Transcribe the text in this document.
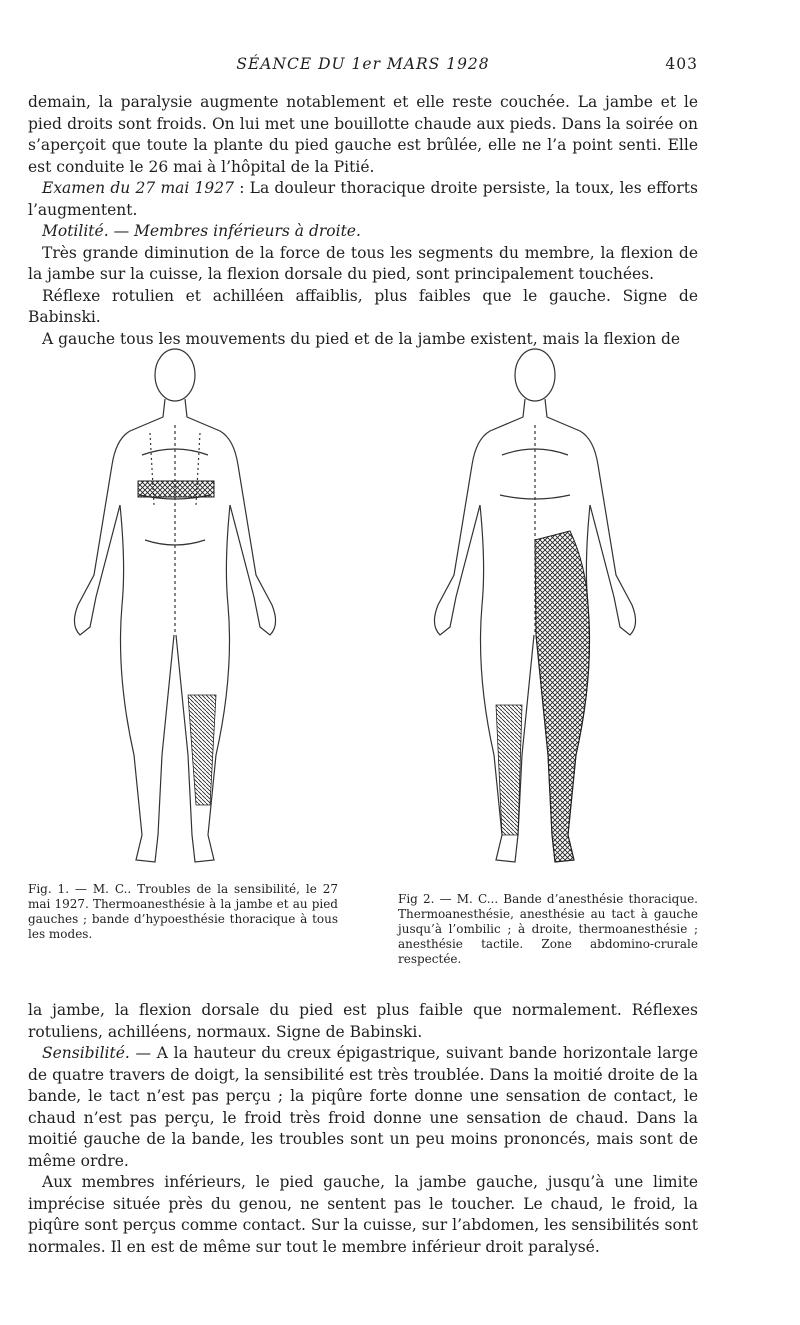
SÉANCE DU 1er MARS 1928	403

demain, la paralysie augmente notablement et elle reste couchée. La jambe et le pied droits sont froids. On lui met une bouillotte chaude aux pieds. Dans la soirée on s’aperçoit que toute la plante du pied gauche est brûlée, elle ne l’a point senti. Elle est conduite le 26 mai à l’hôpital de la Pitié.

Examen du 27 mai 1927 : La douleur thoracique droite persiste, la toux, les efforts l’augmentent.

Motilité. — Membres inférieurs à droite.

Très grande diminution de la force de tous les segments du membre, la flexion de la jambe sur la cuisse, la flexion dorsale du pied, sont principalement touchées.

Réflexe rotulien et achilléen affaiblis, plus faibles que le gauche. Signe de Babinski.

A gauche tous les mouvements du pied et de la jambe existent, mais la flexion de

Fig. 1. — M. C.. Troubles de la sensibilité, le 27 mai 1927. Thermoanesthésie à la jambe et au pied gauches ; bande d’hypoesthésie thoracique à tous les modes.

Fig 2. — M. C... Bande d’anesthésie thoracique. Thermoanesthésie, anesthésie au tact à gauche jusqu’à l’ombilic ; à droite, thermoanesthésie ; anesthésie tactile. Zone abdomino-crurale respectée.

la jambe, la flexion dorsale du pied est plus faible que normalement. Réflexes rotuliens, achilléens, normaux. Signe de Babinski.

Sensibilité. — A la hauteur du creux épigastrique, suivant bande horizontale large de quatre travers de doigt, la sensibilité est très troublée. Dans la moitié droite de la bande, le tact n’est pas perçu ; la piqûre forte donne une sensation de contact, le chaud n’est pas perçu, le froid très froid donne une sensation de chaud. Dans la moitié gauche de la bande, les troubles sont un peu moins prononcés, mais sont de même ordre.

Aux membres inférieurs, le pied gauche, la jambe gauche, jusqu’à une limite imprécise située près du genou, ne sentent pas le toucher. Le chaud, le froid, la piqûre sont perçus comme contact. Sur la cuisse, sur l’abdomen, les sensibilités sont normales. Il en est de même sur tout le membre inférieur droit paralysé.
